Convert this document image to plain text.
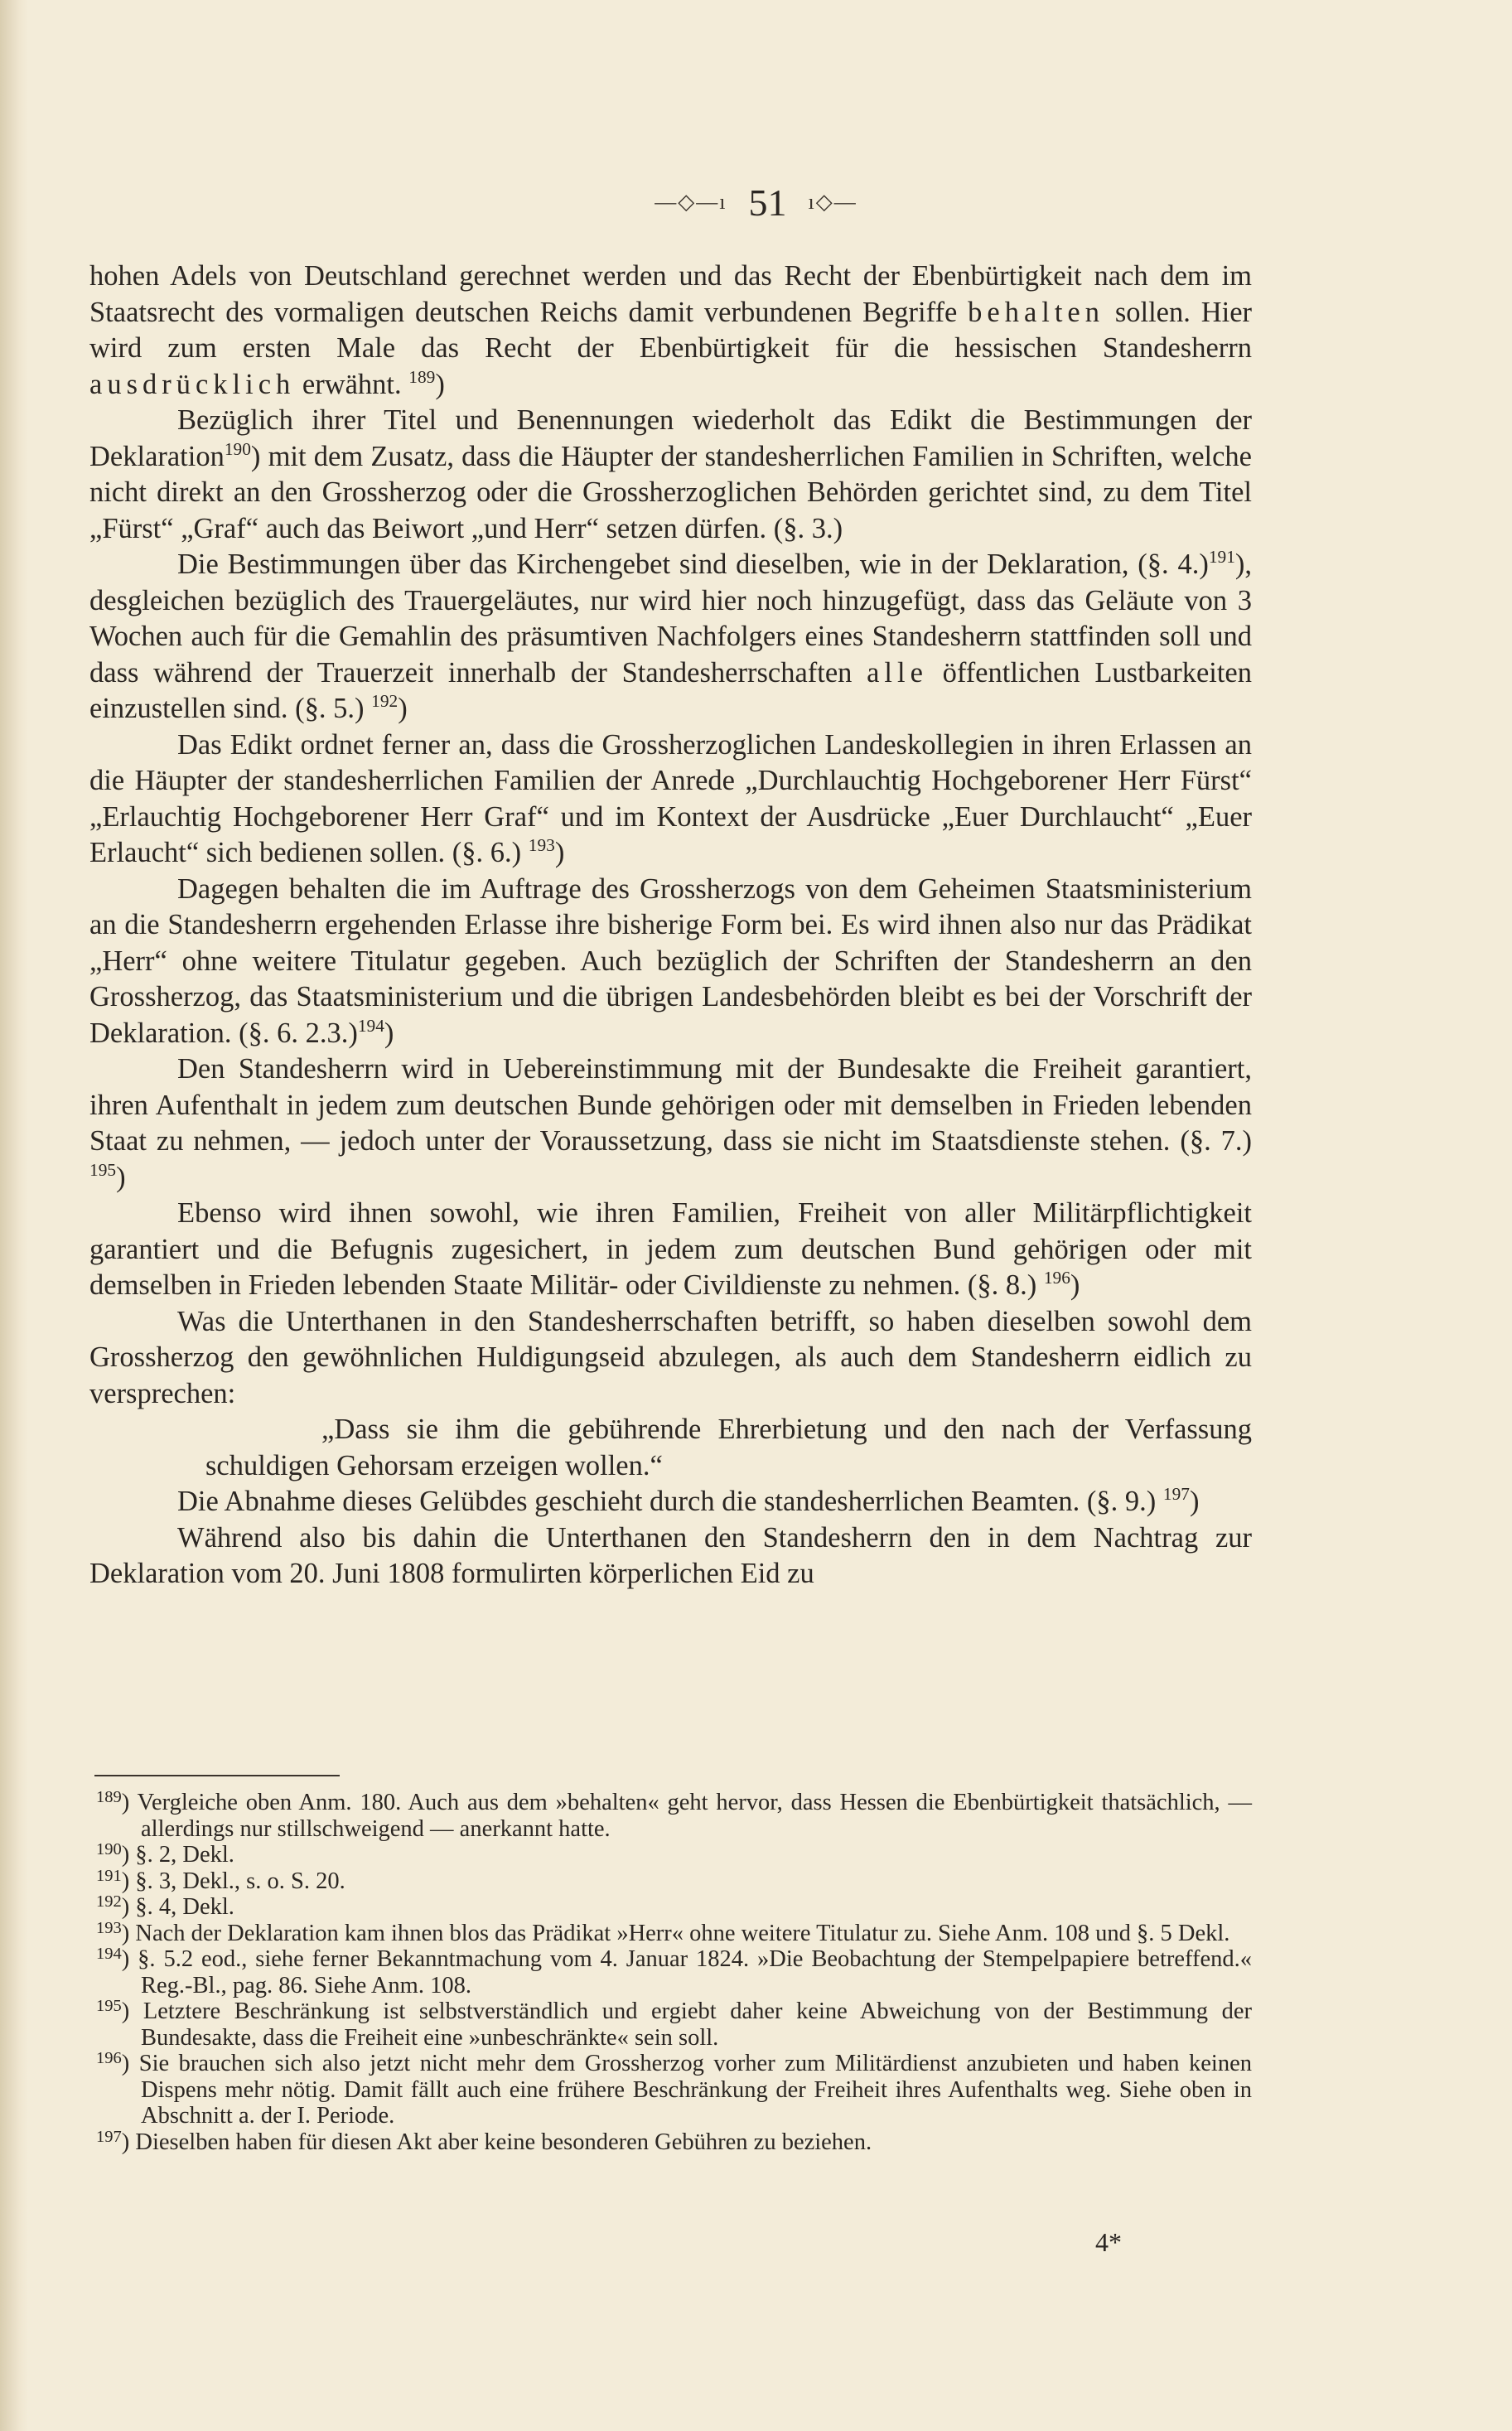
—◇—ı 51 ı◇—

hohen Adels von Deutschland gerechnet werden und das Recht der Ebenbürtigkeit nach dem im Staatsrecht des vormaligen deutschen Reichs damit verbundenen Begriffe behalten sollen. Hier wird zum ersten Male das Recht der Ebenbürtigkeit für die hessischen Standesherrn ausdrücklich erwähnt. $^{189}$)

Bezüglich ihrer Titel und Benennungen wiederholt das Edikt die Bestimmungen der Deklaration$^{190}$) mit dem Zusatz, dass die Häupter der standesherrlichen Familien in Schriften, welche nicht direkt an den Grossherzog oder die Grossherzoglichen Behörden gerichtet sind, zu dem Titel „Fürst“ „Graf“ auch das Beiwort „und Herr“ setzen dürfen. (§. 3.)

Die Bestimmungen über das Kirchengebet sind dieselben, wie in der Deklaration, (§. 4.)$^{191}$), desgleichen bezüglich des Trauergeläutes, nur wird hier noch hinzugefügt, dass das Geläute von 3 Wochen auch für die Gemahlin des präsumtiven Nachfolgers eines Standesherrn stattfinden soll und dass während der Trauerzeit innerhalb der Standesherrschaften alle öffentlichen Lustbarkeiten einzustellen sind. (§. 5.) $^{192}$)

Das Edikt ordnet ferner an, dass die Grossherzoglichen Landeskollegien in ihren Erlassen an die Häupter der standesherrlichen Familien der Anrede „Durchlauchtig Hochgeborener Herr Fürst“ „Erlauchtig Hochgeborener Herr Graf“ und im Kontext der Ausdrücke „Euer Durchlaucht“ „Euer Erlaucht“ sich bedienen sollen. (§. 6.) $^{193}$)

Dagegen behalten die im Auftrage des Grossherzogs von dem Geheimen Staatsministerium an die Standesherrn ergehenden Erlasse ihre bisherige Form bei. Es wird ihnen also nur das Prädikat „Herr“ ohne weitere Titulatur gegeben. Auch bezüglich der Schriften der Standesherrn an den Grossherzog, das Staatsministerium und die übrigen Landesbehörden bleibt es bei der Vorschrift der Deklaration. (§. 6. 2.3.)$^{194}$)

Den Standesherrn wird in Uebereinstimmung mit der Bundesakte die Freiheit garantiert, ihren Aufenthalt in jedem zum deutschen Bunde gehörigen oder mit demselben in Frieden lebenden Staat zu nehmen, — jedoch unter der Voraussetzung, dass sie nicht im Staatsdienste stehen. (§. 7.) $^{195}$)

Ebenso wird ihnen sowohl, wie ihren Familien, Freiheit von aller Militärpflichtigkeit garantiert und die Befugnis zugesichert, in jedem zum deutschen Bund gehörigen oder mit demselben in Frieden lebenden Staate Militär- oder Civildienste zu nehmen. (§. 8.) $^{196}$)

Was die Unterthanen in den Standesherrschaften betrifft, so haben dieselben sowohl dem Grossherzog den gewöhnlichen Huldigungseid abzulegen, als auch dem Standesherrn eidlich zu versprechen:

„Dass sie ihm die gebührende Ehrerbietung und den nach der Verfassung schuldigen Gehorsam erzeigen wollen.“

Die Abnahme dieses Gelübdes geschieht durch die standesherrlichen Beamten. (§. 9.) $^{197}$)

Während also bis dahin die Unterthanen den Standesherrn den in dem Nachtrag zur Deklaration vom 20. Juni 1808 formulirten körperlichen Eid zu

$^{189}$) Vergleiche oben Anm. 180. Auch aus dem »behalten« geht hervor, dass Hessen die Ebenbürtigkeit thatsächlich, — allerdings nur stillschweigend — anerkannt hatte.
$^{190}$) §. 2, Dekl.
$^{191}$) §. 3, Dekl., s. o. S. 20.
$^{192}$) §. 4, Dekl.
$^{193}$) Nach der Deklaration kam ihnen blos das Prädikat »Herr« ohne weitere Titulatur zu. Siehe Anm. 108 und §. 5 Dekl.
$^{194}$) §. 5.2 eod., siehe ferner Bekanntmachung vom 4. Januar 1824. »Die Beobachtung der Stempelpapiere betreffend.« Reg.-Bl., pag. 86. Siehe Anm. 108.
$^{195}$) Letztere Beschränkung ist selbstverständlich und ergiebt daher keine Abweichung von der Bestimmung der Bundesakte, dass die Freiheit eine »unbeschränkte« sein soll.
$^{196}$) Sie brauchen sich also jetzt nicht mehr dem Grossherzog vorher zum Militärdienst anzubieten und haben keinen Dispens mehr nötig. Damit fällt auch eine frühere Beschränkung der Freiheit ihres Aufenthalts weg. Siehe oben in Abschnitt a. der I. Periode.
$^{197}$) Dieselben haben für diesen Akt aber keine besonderen Gebühren zu beziehen.
4*
